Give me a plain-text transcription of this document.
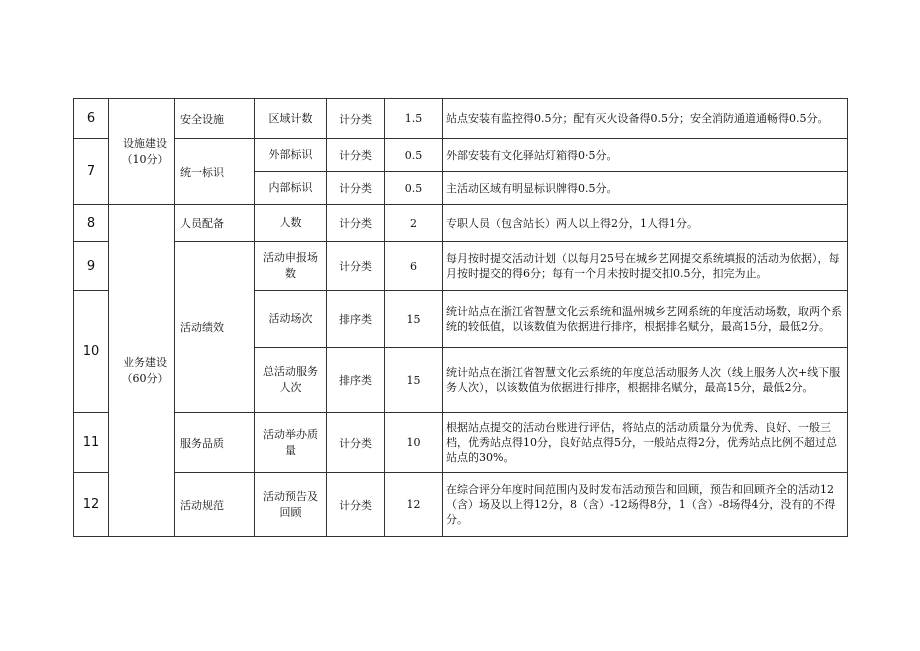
6	设施建设（10分）	安全设施	区域计数	计分类	1.5	站点安装有监控得0.5分；配有灭火设备得0.5分；安全消防通道通畅得0.5分。
7		统一标识	外部标识	计分类	0.5	外部安装有文化驿站灯箱得0·5分。
			内部标识	计分类	0.5	主活动区域有明显标识牌得0.5分。
8	业务建设（60分）	人员配备	人数	计分类	2	专职人员（包含站长）两人以上得2分，1人得1分。
9		活动绩效	活动申报场数	计分类	6	每月按时提交活动计划（以每月25号在城乡艺网提交系统填报的活动为依据），每月按时提交的得6分；每有一个月未按时提交扣0.5分，扣完为止。
10			活动场次	排序类	15	统计站点在浙江省智慧文化云系统和温州城乡艺网系统的年度活动场数，取两个系统的较低值，以该数值为依据进行排序，根据排名赋分，最高15分，最低2分。
			总活动服务人次	排序类	15	统计站点在浙江省智慧文化云系统的年度总活动服务人次（线上服务人次+线下服务人次），以该数值为依据进行排序，根据排名赋分，最高15分，最低2分。
11		服务品质	活动举办质量	计分类	10	根据站点提交的活动台账进行评估，将站点的活动质量分为优秀、良好、一般三档，优秀站点得10分，良好站点得5分，一般站点得2分，优秀站点比例不超过总站点的30%。
12		活动规范	活动预告及回顾	计分类	12	在综合评分年度时间范围内及时发布活动预告和回顾，预告和回顾齐全的活动12（含）场及以上得12分，8（含）-12场得8分，1（含）-8场得4分，没有的不得分。
